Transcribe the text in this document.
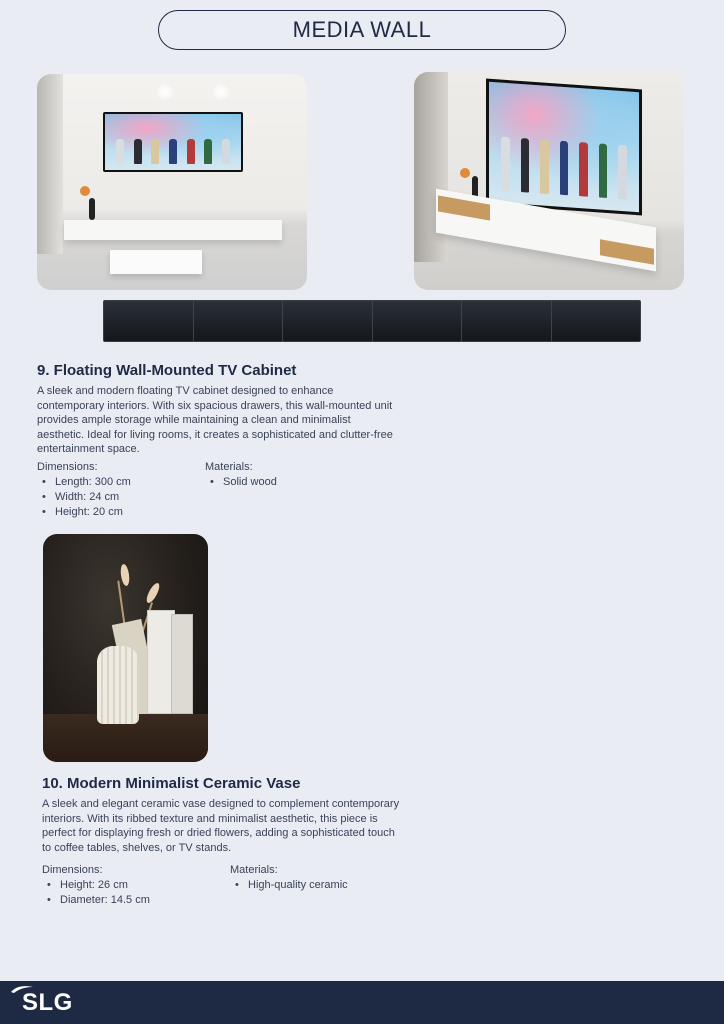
MEDIA WALL
9. Floating Wall-Mounted TV Cabinet
A sleek and modern floating TV cabinet designed to enhance
contemporary interiors. With six spacious drawers, this wall-mounted unit
provides ample storage while maintaining a clean and minimalist
aesthetic. Ideal for living rooms, it creates a sophisticated and clutter-free
entertainment space.
Dimensions:
• Length: 300 cm
• Width: 24 cm
• Height: 20 cm
Materials:
• Solid wood
10. Modern Minimalist Ceramic Vase
A sleek and elegant ceramic vase designed to complement contemporary
interiors. With its ribbed texture and minimalist aesthetic, this piece is
perfect for displaying fresh or dried flowers, adding a sophisticated touch
to coffee tables, shelves, or TV stands.
Dimensions:
• Height: 26 cm
• Diameter: 14.5 cm
Materials:
• High-quality ceramic
SLG
